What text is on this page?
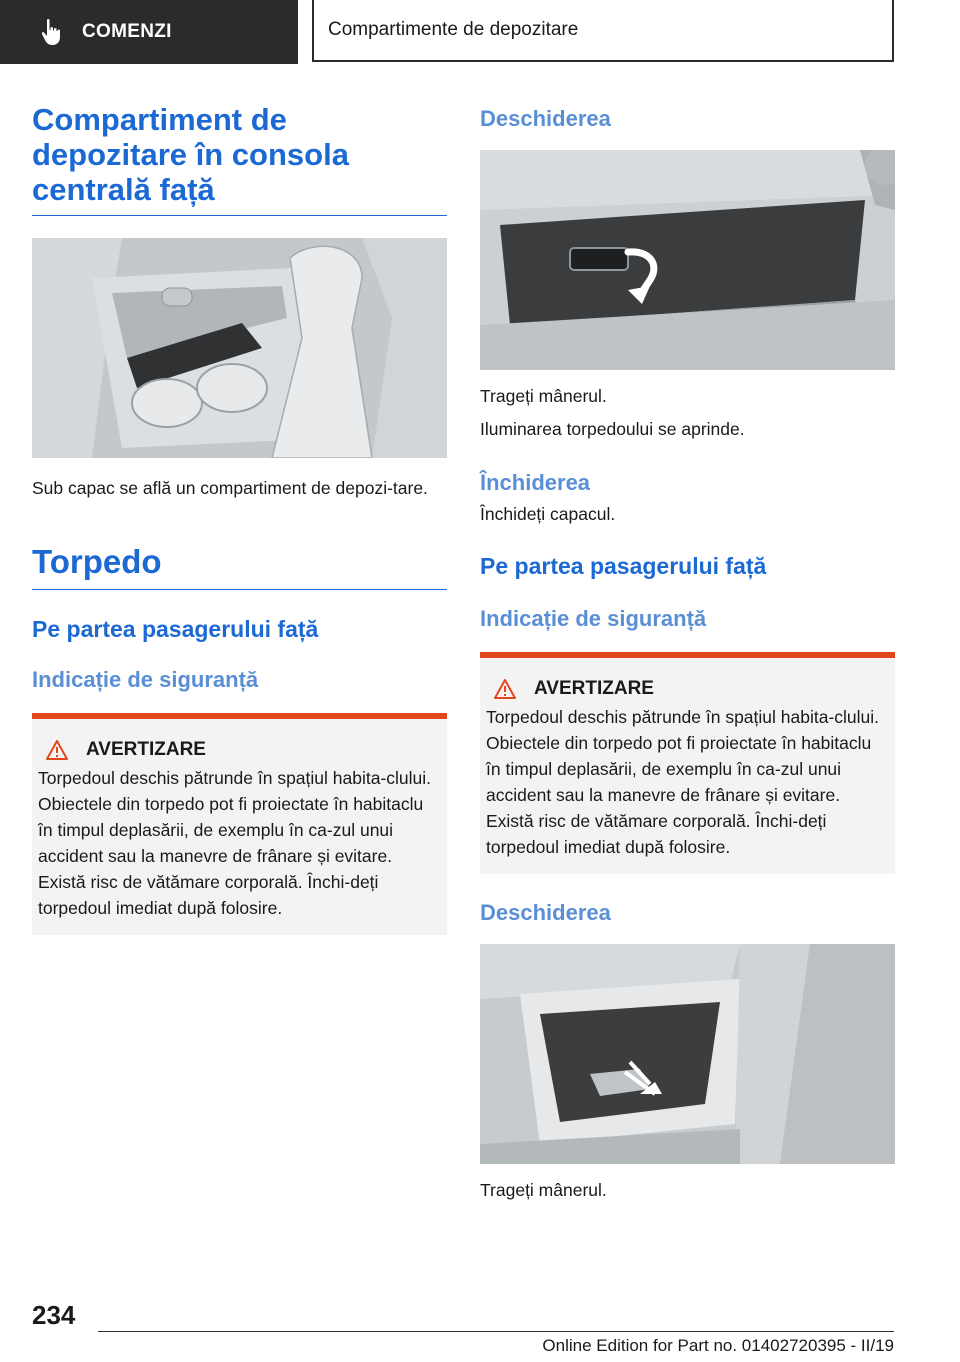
COMENZI	Compartimente de depozitare
Compartiment de depozitare în consola centrală față

Sub capac se află un compartiment de depozi-tare.

Torpedo
Pe partea pasagerului față
Indicație de siguranță
AVERTIZARE

Torpedoul deschis pătrunde în spațiul habita-clului. Obiectele din torpedo pot fi proiectate în habitaclu în timpul deplasării, de exemplu în ca-zul unui accident sau la manevre de frânare și evitare. Există risc de vătămare corporală. Închi-deți torpedoul imediat după folosire.

Deschiderea

Trageți mânerul.

Iluminarea torpedoului se aprinde.

Închiderea

Închideți capacul.

Pe partea pasagerului față
Indicație de siguranță
AVERTIZARE

Torpedoul deschis pătrunde în spațiul habita-clului. Obiectele din torpedo pot fi proiectate în habitaclu în timpul deplasării, de exemplu în ca-zul unui accident sau la manevre de frânare și evitare. Există risc de vătămare corporală. Închi-deți torpedoul imediat după folosire.

Deschiderea

Trageți mânerul.

234
Online Edition for Part no. 01402720395 - II/19
